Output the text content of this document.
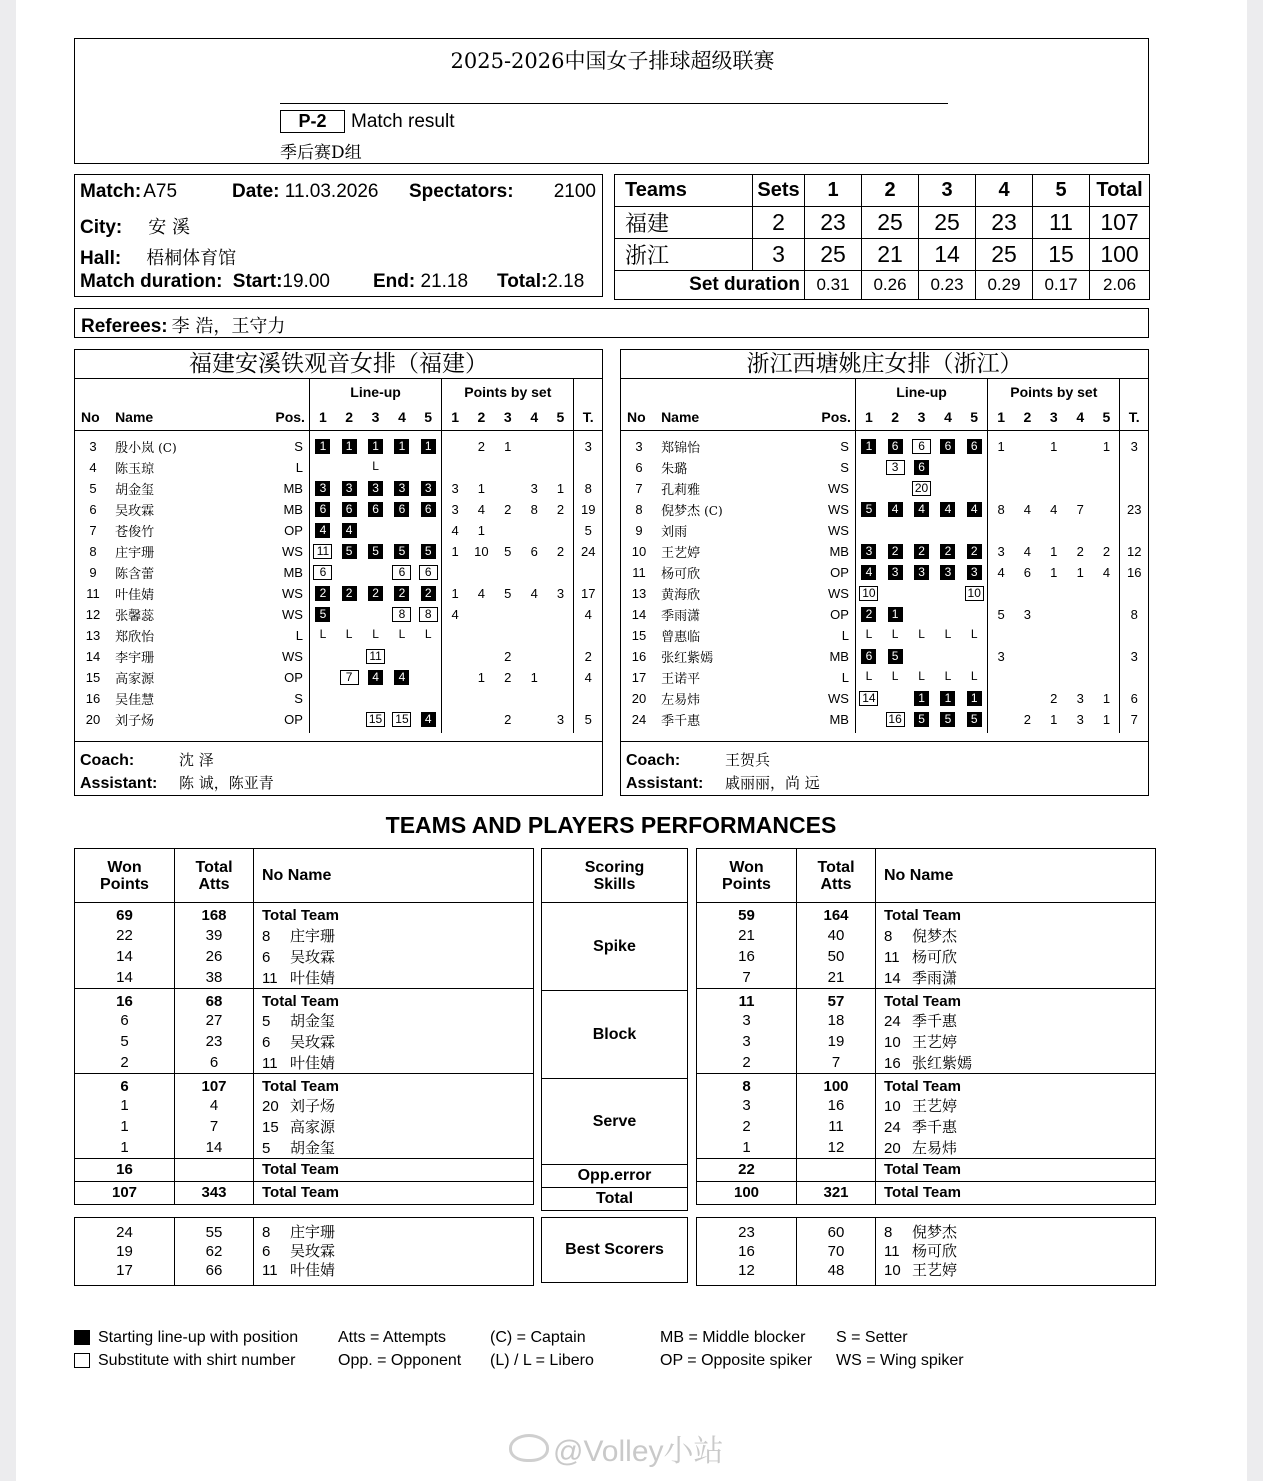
2025-2026中国女子排球超级联赛
P-2	Match result
季后赛D组
Match: A75	Date: 11.03.2026 Spectators: 2100
City: 安 溪
Hall: 梧桐体育馆
Match duration: Start:19.00 End: 21.18 Total:2.18
Teams	Sets	1	2	3	4	5	Total
福建	2	23	25	25	23	11	107
浙江	3	25	21	14	25	15	100
Set duration		0.31	0.26	0.23	0.29	0.17	2.06
Referees: 李 浩，王守力
福建安溪铁观音女排（福建）
			Line-up					Points by set					
No	Name	Pos.	1	2	3	4	5	1	2	3	4	5	T.

3	殷小岚 (C)	S	1	1	1	1	1		2	1			3
4	陈玉琼	L			L								
5	胡金玺	MB	3	3	3	3	3	3	1		3	1	8
6	吴玫霖	MB	6	6	6	6	6	3	4	2	8	2	19
7	苍俊竹	OP	4	4				4	1				5
8	庄宇珊	WS	11	5	5	5	5	1	10	5	6	2	24
9	陈含蕾	MB	6			6	6						
11	叶佳婧	WS	2	2	2	2	2	1	4	5	4	3	17
12	张馨蕊	WS	5			8	8	4					4
13	郑欣怡	L	L	L	L	L	L						
14	李宇珊	WS			11					2			2
15	高家源	OP		7	4	4			1	2	1		4
16	吴佳慧	S											
20	刘子炀	OP			15	15	4			2		3	5

Coach:	沈 泽
Assistant: 陈 诚，陈亚青
浙江西塘姚庄女排（浙江）
			Line-up					Points by set					
No	Name	Pos.	1	2	3	4	5	1	2	3	4	5	T.

3	郑锦怡	S	1	6	6	6	6	1		1		1	3
6	朱璐	S		3	6								
7	孔莉雅	WS			20								
8	倪梦杰 (C)	WS	5	4	4	4	4	8	4	4	7		23
9	刘雨	WS											
10	王艺婷	MB	3	2	2	2	2	3	4	1	2	2	12
11	杨可欣	OP	4	3	3	3	3	4	6	1	1	4	16
13	黄海欣	WS	10				10						
14	季雨潇	OP	2	1				5	3				8
15	曾惠临	L	L	L	L	L	L						
16	张红紫嫣	MB	6	5				3					3
17	王诺平	L	L	L	L	L	L						
20	左易炜	WS	14		1	1	1			2	3	1	6
24	季千惠	MB		16	5	5	5		2	1	3	1	7

Coach:	王贺兵
Assistant: 戚丽丽，尚 远
TEAMS AND PLAYERS PERFORMANCES
Won Points	Total Atts	No Name
69	168	Total Team
22	39	8 庄宇珊
14	26	6 吴玫霖
14	38	11 叶佳婧
16	68	Total Team
6	27	5 胡金玺
5	23	6 吴玫霖
2	6	11 叶佳婧
6	107	Total Team
1	4	20 刘子炀
1	7	15 高家源
1	14	5 胡金玺
16		Total Team
107	343	Total Team
Scoring Skills
Spike
Block
Serve
Opp.error
Total
Won Points	Total Atts	No Name
59	164	Total Team
21	40	8 倪梦杰
16	50	11 杨可欣
7	21	14 季雨潇
11	57	Total Team
3	18	24 季千惠
3	19	10 王艺婷
2	7	16 张红紫嫣
8	100	Total Team
3	16	10 王艺婷
2	11	24 季千惠
1	12	20 左易炜
22		Total Team
100	321	Total Team
24	55	8 庄宇珊
19	62	6 吴玫霖
17	66	11 叶佳婧
Best Scorers
23	60	8 倪梦杰
16	70	11 杨可欣
12	48	10 王艺婷
Starting line-up with position
Substitute with shirt number
Atts = Attempts
Opp. = Opponent
(C) = Captain
(L) / L = Libero
MB = Middle blocker
OP = Opposite spiker
S = Setter
WS = Wing spiker
@Volley小站
